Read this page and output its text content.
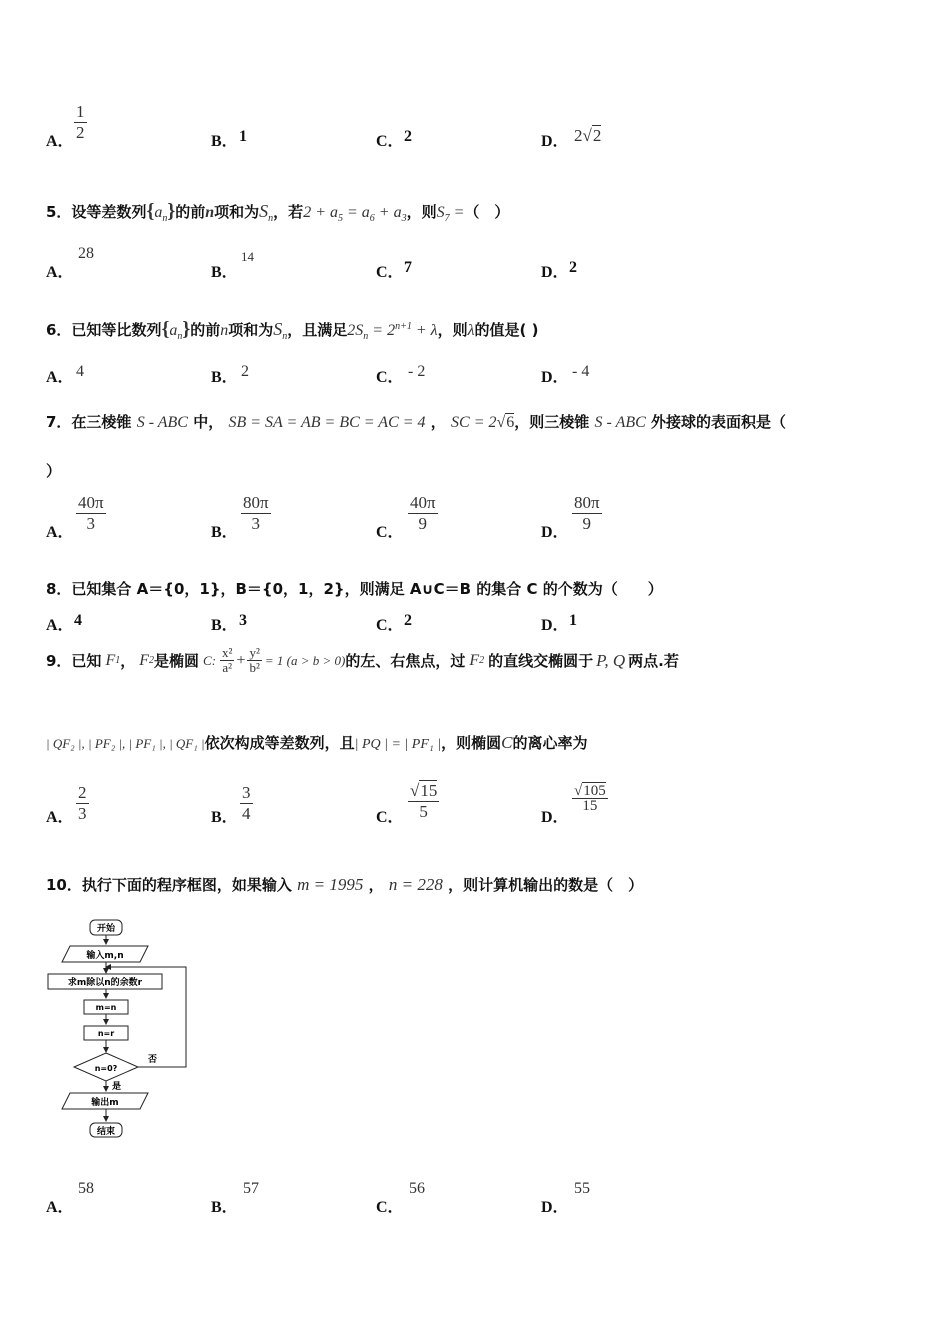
A． $\frac{1}{2}$	B． 1	C． 2	D． 2√2
5．设等差数列$\{a_n\}$的前n项和为$S_n$，若$2 + a_5 = a_6 + a_3$，则$S_7$ =（　）
A．
28
B．
14
C． 7	D． 2
6．已知等比数列$\{a_n\}$的前n项和为$S_n$，且满足$2S_n = 2^{n+1} + \lambda$，则λ的值是( )
A． 4	B． 2	C． - 2	D． - 4
7．在三棱锥 S - ABC 中， SB = SA = AB = BC = AC = 4 ， SC = 2√6，则三棱锥 S - ABC 外接球的表面积是（
）
A． $\frac{40\pi}{3}$	B． $\frac{80\pi}{3}$	C． $\frac{40\pi}{9}$	D． $\frac{80\pi}{9}$
8．已知集合 A＝{0，1}，B＝{0，1，2}，则满足 A∪C＝B 的集合 C 的个数为（　　）
A． 4	B． 3	C． 2	D． 1
9．已知 F 1 ， F 2 是椭圆 C: $\frac{\text{x²}}{\text{a²}} + \frac{\text{y²}}{\text{b²}} = 1$ (a > b > 0) 的左、右焦点，过 F 2 的直线交椭圆于 P, Q 两点.若
| QF₂ |, | PF₂ |, | PF₁ |, | QF₁ |依次构成等差数列，且| PQ | = | PF₁ |，则椭圆C的离心率为
A． $\frac{2}{3}$	B． $\frac{3}{4}$	C． $\frac{√15}{5}$	D．
$\frac{√105}{15}$
10．执行下面的程序框图，如果输入 m = 1995 ， n = 228 ，则计算机输出的数是（　）
开始
输入m,n
求m除以n的余数r
m=n
n=r
n=0?
否
是
输出m
结束
A．
58
B．
57
C．
56
D．
55
